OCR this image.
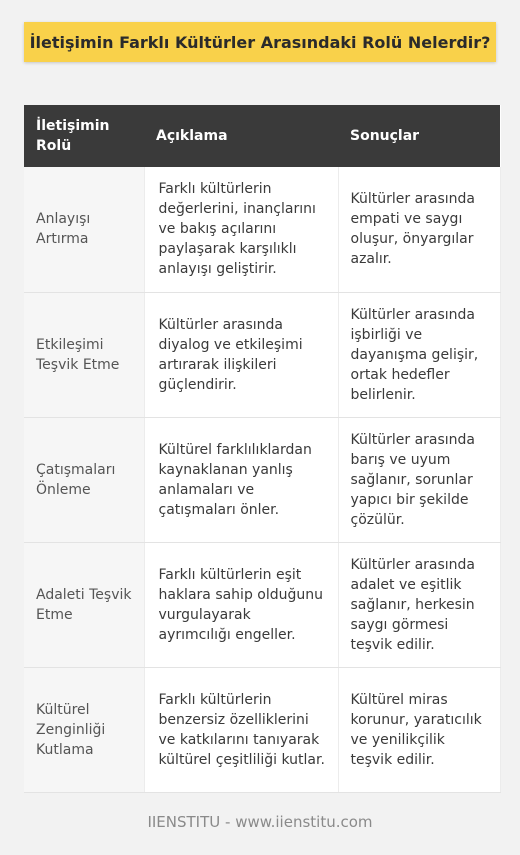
İletişimin Farklı Kültürler Arasındaki Rolü Nelerdir?
İletişimin Rolü	Açıklama	Sonuçlar
Anlayışı Artırma	Farklı kültürlerin değerlerini, inançlarını ve bakış açılarını paylaşarak karşılıklı anlayışı geliştirir.	Kültürler arasında empati ve saygı oluşur, önyargılar azalır.
Etkileşimi Teşvik Etme	Kültürler arasında diyalog ve etkileşimi artırarak ilişkileri güçlendirir.	Kültürler arasında işbirliği ve dayanışma gelişir, ortak hedefler belirlenir.
Çatışmaları Önleme	Kültürel farklılıklardan kaynaklanan yanlış anlamaları ve çatışmaları önler.	Kültürler arasında barış ve uyum sağlanır, sorunlar yapıcı bir şekilde çözülür.
Adaleti Teşvik Etme	Farklı kültürlerin eşit haklara sahip olduğunu vurgulayarak ayrımcılığı engeller.	Kültürler arasında adalet ve eşitlik sağlanır, herkesin saygı görmesi teşvik edilir.
Kültürel Zenginliği Kutlama	Farklı kültürlerin benzersiz özelliklerini ve katkılarını tanıyarak kültürel çeşitliliği kutlar.	Kültürel miras korunur, yaratıcılık ve yenilikçilik teşvik edilir.
IIENSTITU - www.iienstitu.com
